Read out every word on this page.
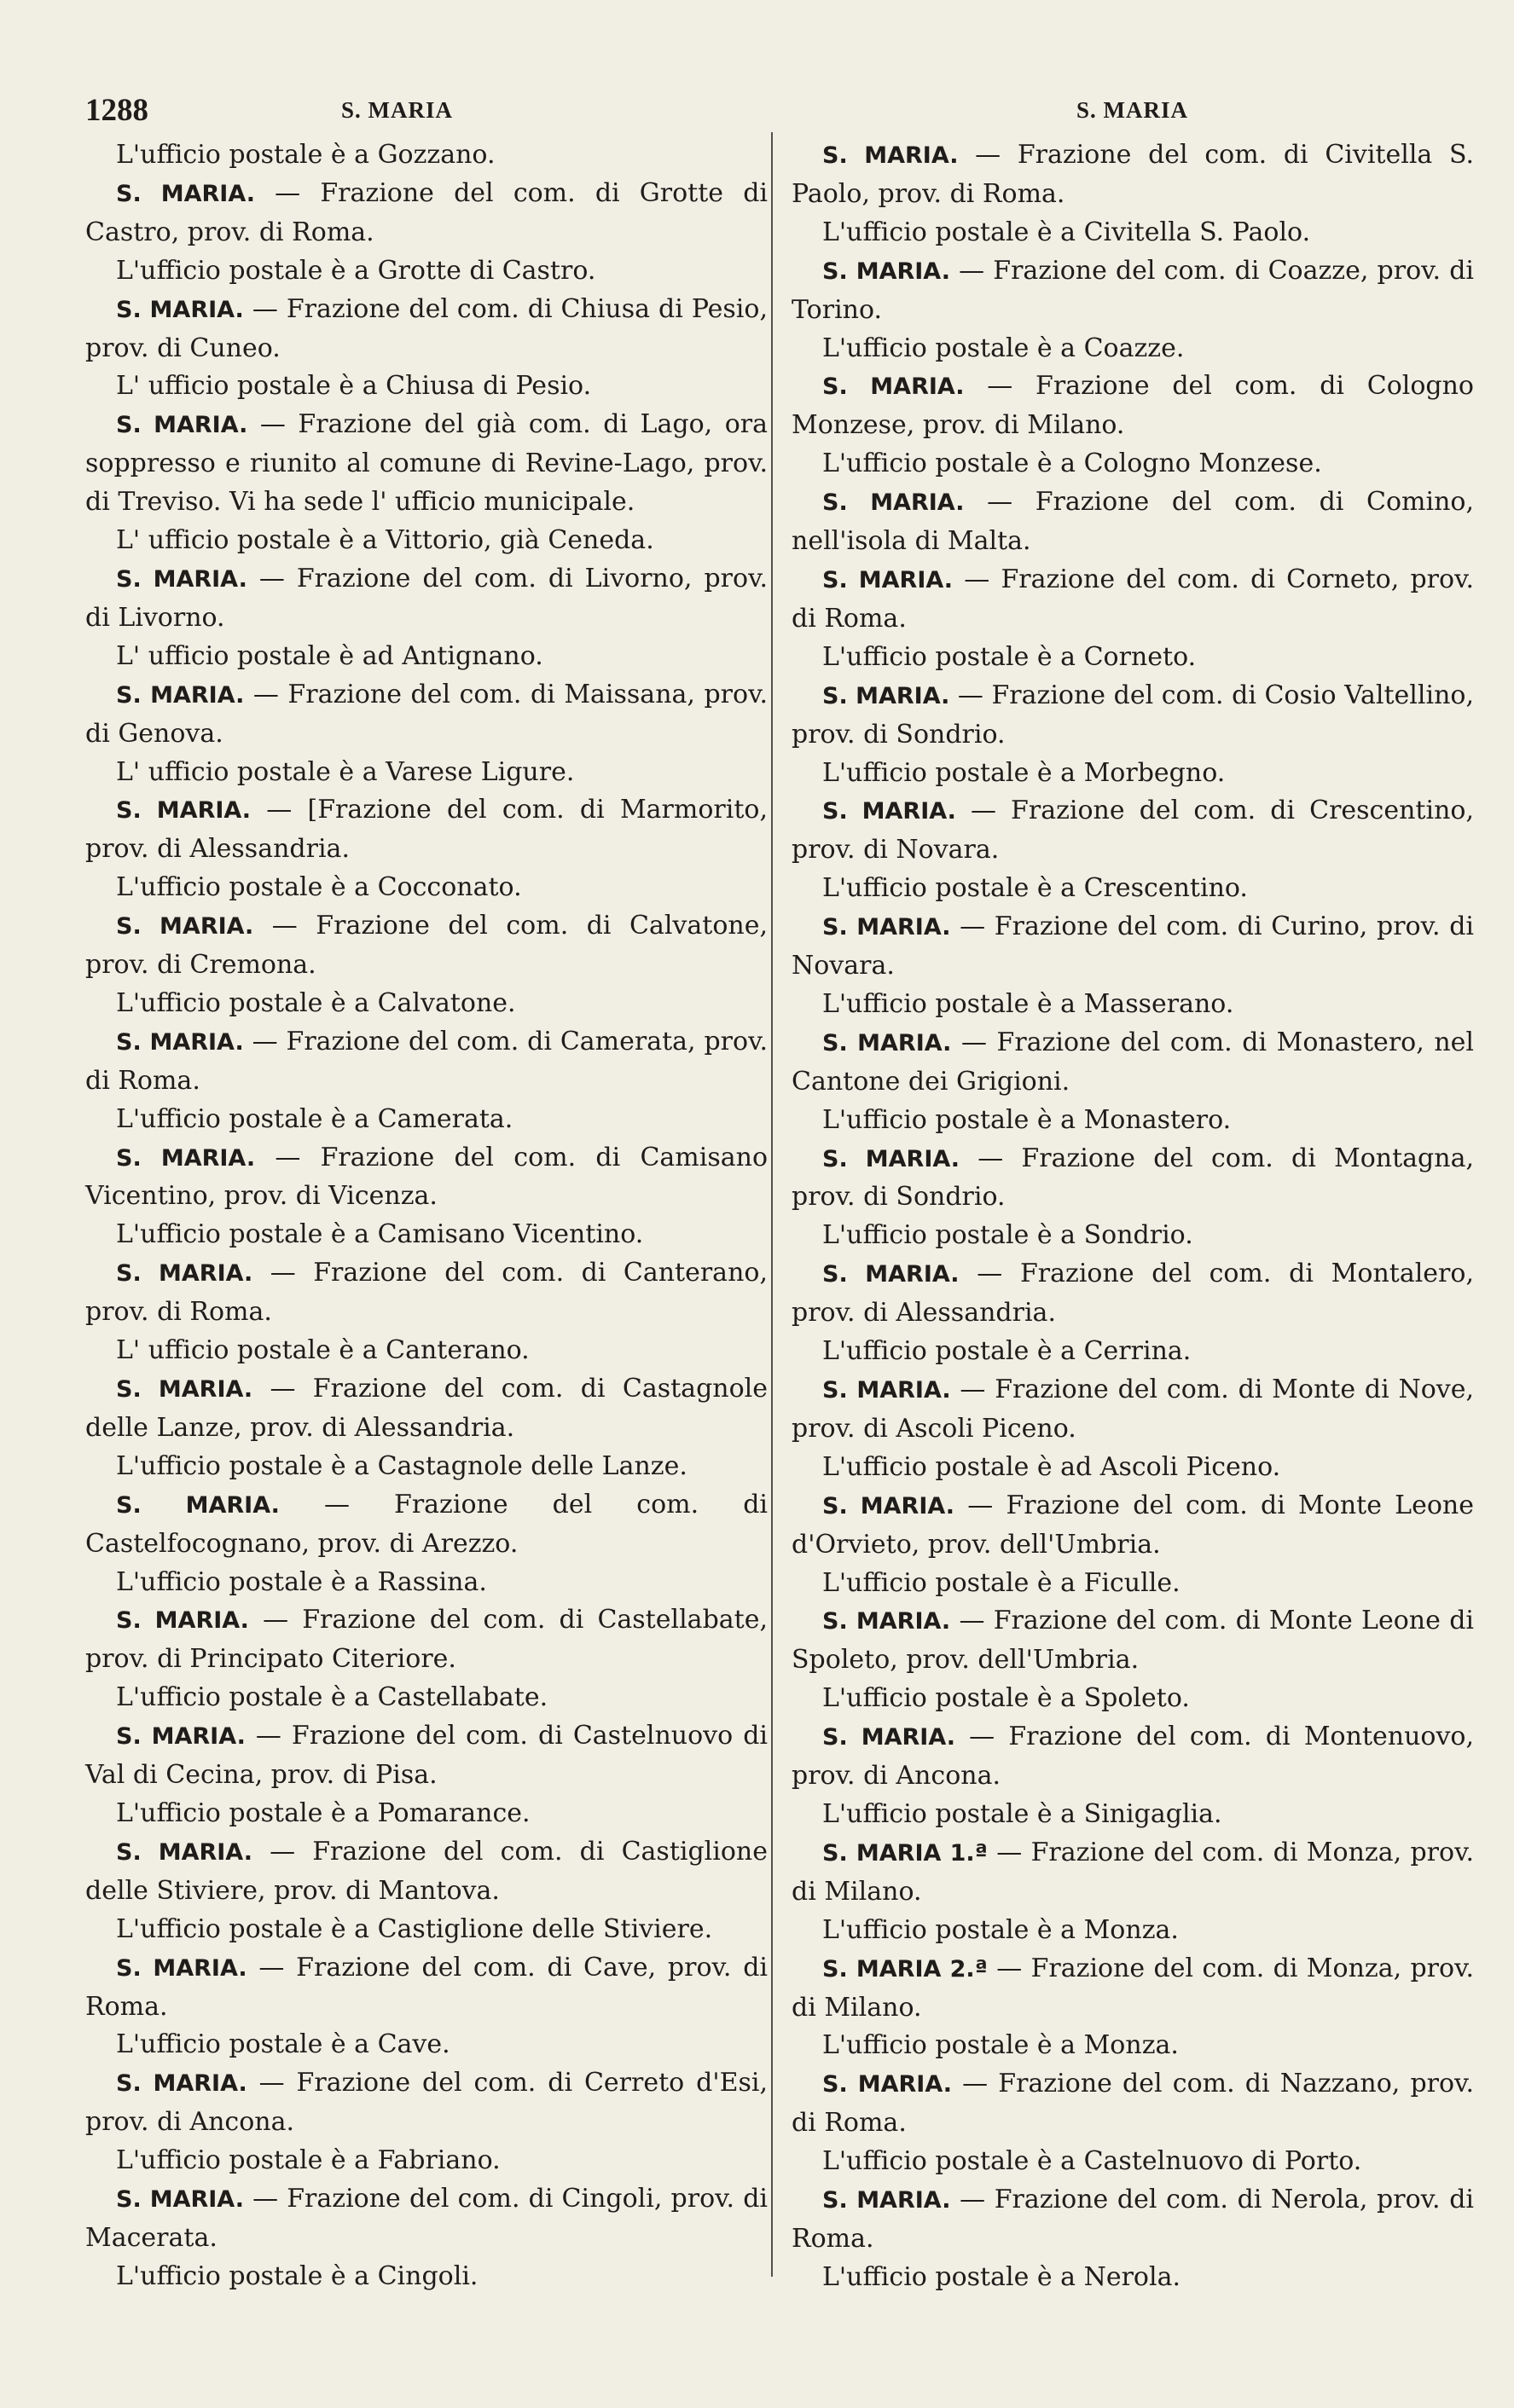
1288	S. MARIA	S. MARIA

L'ufficio postale è a Gozzano.

S. MARIA. — Frazione del com. di Grotte di Castro, prov. di Roma.

L'ufficio postale è a Grotte di Castro.

S. MARIA. — Frazione del com. di Chiusa di Pesio, prov. di Cuneo.

L' ufficio postale è a Chiusa di Pesio.

S. MARIA. — Frazione del già com. di Lago, ora soppresso e riunito al comune di Revine-Lago, prov. di Treviso. Vi ha sede l' ufficio municipale.

L' ufficio postale è a Vittorio, già Ceneda.

S. MARIA. — Frazione del com. di Livorno, prov. di Livorno.

L' ufficio postale è ad Antignano.

S. MARIA. — Frazione del com. di Maissana, prov. di Genova.

L' ufficio postale è a Varese Ligure.

S. MARIA. — [Frazione del com. di Marmorito, prov. di Alessandria.

L'ufficio postale è a Cocconato.

S. MARIA. — Frazione del com. di Calvatone, prov. di Cremona.

L'ufficio postale è a Calvatone.

S. MARIA. — Frazione del com. di Camerata, prov. di Roma.

L'ufficio postale è a Camerata.

S. MARIA. — Frazione del com. di Camisano Vicentino, prov. di Vicenza.

L'ufficio postale è a Camisano Vicentino.

S. MARIA. — Frazione del com. di Canterano, prov. di Roma.

L' ufficio postale è a Canterano.

S. MARIA. — Frazione del com. di Castagnole delle Lanze, prov. di Alessandria.

L'ufficio postale è a Castagnole delle Lanze.

S. MARIA. — Frazione del com. di Castelfocognano, prov. di Arezzo.

L'ufficio postale è a Rassina.

S. MARIA. — Frazione del com. di Castellabate, prov. di Principato Citeriore.

L'ufficio postale è a Castellabate.

S. MARIA. — Frazione del com. di Castelnuovo di Val di Cecina, prov. di Pisa.

L'ufficio postale è a Pomarance.

S. MARIA. — Frazione del com. di Castiglione delle Stiviere, prov. di Mantova.

L'ufficio postale è a Castiglione delle Stiviere.

S. MARIA. — Frazione del com. di Cave, prov. di Roma.

L'ufficio postale è a Cave.

S. MARIA. — Frazione del com. di Cerreto d'Esi, prov. di Ancona.

L'ufficio postale è a Fabriano.

S. MARIA. — Frazione del com. di Cingoli, prov. di Macerata.

L'ufficio postale è a Cingoli.

S. MARIA. — Frazione del com. di Civitella S. Paolo, prov. di Roma.

L'ufficio postale è a Civitella S. Paolo.

S. MARIA. — Frazione del com. di Coazze, prov. di Torino.

L'ufficio postale è a Coazze.

S. MARIA. — Frazione del com. di Cologno Monzese, prov. di Milano.

L'ufficio postale è a Cologno Monzese.

S. MARIA. — Frazione del com. di Comino, nell'isola di Malta.

S. MARIA. — Frazione del com. di Corneto, prov. di Roma.

L'ufficio postale è a Corneto.

S. MARIA. — Frazione del com. di Cosio Valtellino, prov. di Sondrio.

L'ufficio postale è a Morbegno.

S. MARIA. — Frazione del com. di Crescentino, prov. di Novara.

L'ufficio postale è a Crescentino.

S. MARIA. — Frazione del com. di Curino, prov. di Novara.

L'ufficio postale è a Masserano.

S. MARIA. — Frazione del com. di Monastero, nel Cantone dei Grigioni.

L'ufficio postale è a Monastero.

S. MARIA. — Frazione del com. di Montagna, prov. di Sondrio.

L'ufficio postale è a Sondrio.

S. MARIA. — Frazione del com. di Montalero, prov. di Alessandria.

L'ufficio postale è a Cerrina.

S. MARIA. — Frazione del com. di Monte di Nove, prov. di Ascoli Piceno.

L'ufficio postale è ad Ascoli Piceno.

S. MARIA. — Frazione del com. di Monte Leone d'Orvieto, prov. dell'Umbria.

L'ufficio postale è a Ficulle.

S. MARIA. — Frazione del com. di Monte Leone di Spoleto, prov. dell'Umbria.

L'ufficio postale è a Spoleto.

S. MARIA. — Frazione del com. di Montenuovo, prov. di Ancona.

L'ufficio postale è a Sinigaglia.

S. MARIA 1.ª — Frazione del com. di Monza, prov. di Milano.

L'ufficio postale è a Monza.

S. MARIA 2.ª — Frazione del com. di Monza, prov. di Milano.

L'ufficio postale è a Monza.

S. MARIA. — Frazione del com. di Nazzano, prov. di Roma.

L'ufficio postale è a Castelnuovo di Porto.

S. MARIA. — Frazione del com. di Nerola, prov. di Roma.

L'ufficio postale è a Nerola.
